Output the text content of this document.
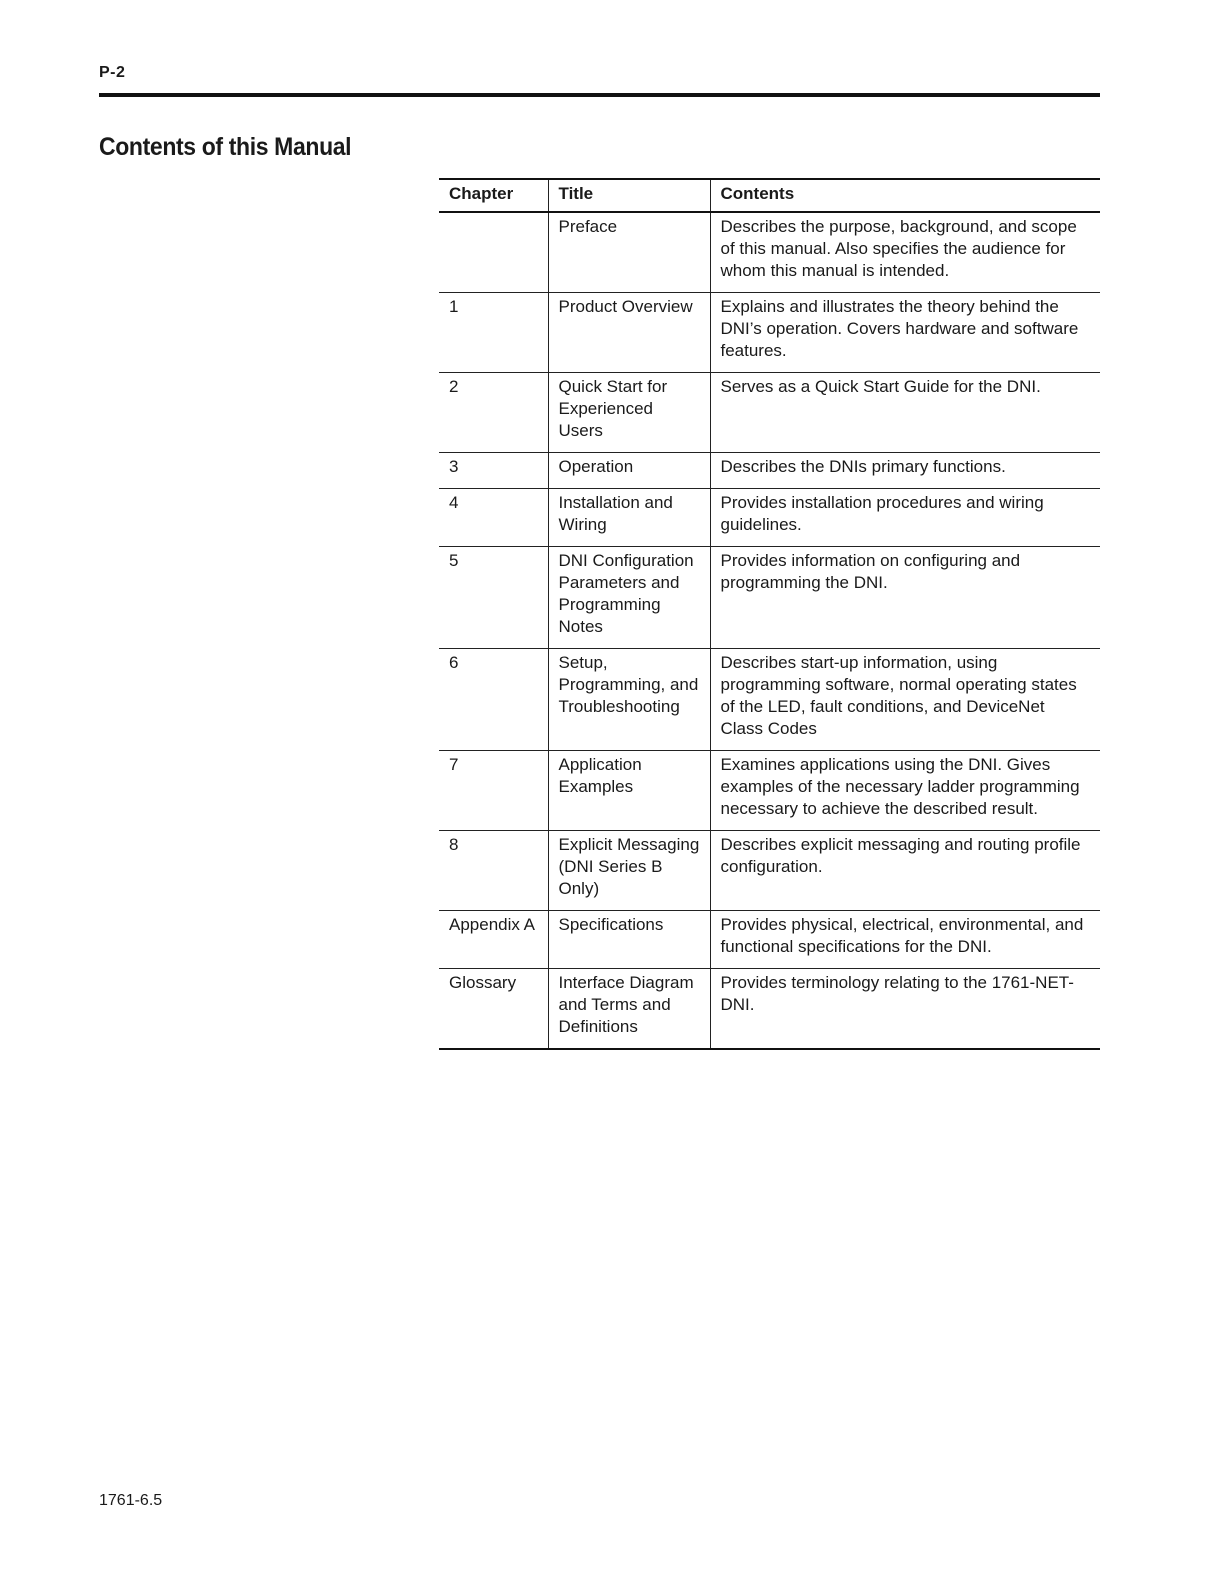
P-2
Contents of this Manual
Chapter	Title	Contents
	Preface	Describes the purpose, background, and scope of this manual. Also specifies the audience for whom this manual is intended.
1	Product Overview	Explains and illustrates the theory behind the DNI’s operation. Covers hardware and software features.
2	Quick Start for Experienced Users	Serves as a Quick Start Guide for the DNI.
3	Operation	Describes the DNIs primary functions.
4	Installation and Wiring	Provides installation procedures and wiring guidelines.
5	DNI Configuration Parameters and Programming Notes	Provides information on configuring and programming the DNI.
6	Setup, Programming, and Troubleshooting	Describes start-up information, using programming software, normal operating states of the LED, fault conditions, and DeviceNet Class Codes
7	Application Examples	Examines applications using the DNI. Gives examples of the necessary ladder programming necessary to achieve the described result.
8	Explicit Messaging (DNI Series B Only)	Describes explicit messaging and routing profile configuration.
Appendix A	Specifications	Provides physical, electrical, environmental, and functional specifications for the DNI.
Glossary	Interface Diagram and Terms and Definitions	Provides terminology relating to the 1761-NET-DNI.
1761-6.5
